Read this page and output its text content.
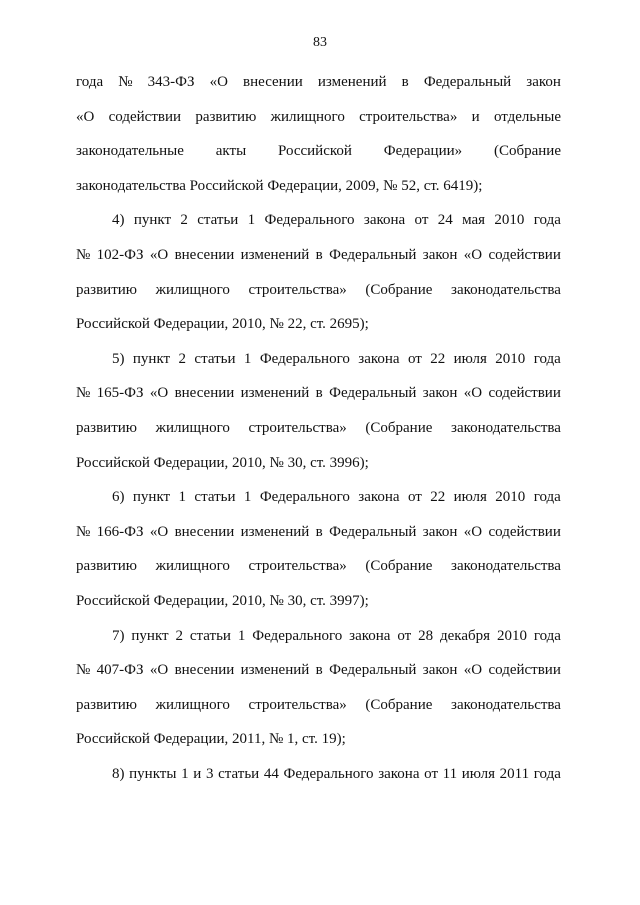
83
года № 343-ФЗ «О внесении изменений в Федеральный закон
«О содействии развитию жилищного строительства» и отдельные
законодательные акты Российской Федерации» (Собрание
законодательства Российской Федерации, 2009, № 52, ст. 6419);
4) пункт 2 статьи 1 Федерального закона от 24 мая 2010 года
№ 102-ФЗ «О внесении изменений в Федеральный закон «О содействии
развитию жилищного строительства» (Собрание законодательства
Российской Федерации, 2010, № 22, ст. 2695);
5) пункт 2 статьи 1 Федерального закона от 22 июля 2010 года
№ 165-ФЗ «О внесении изменений в Федеральный закон «О содействии
развитию жилищного строительства» (Собрание законодательства
Российской Федерации, 2010, № 30, ст. 3996);
6) пункт 1 статьи 1 Федерального закона от 22 июля 2010 года
№ 166-ФЗ «О внесении изменений в Федеральный закон «О содействии
развитию жилищного строительства» (Собрание законодательства
Российской Федерации, 2010, № 30, ст. 3997);
7) пункт 2 статьи 1 Федерального закона от 28 декабря 2010 года
№ 407-ФЗ «О внесении изменений в Федеральный закон «О содействии
развитию жилищного строительства» (Собрание законодательства
Российской Федерации, 2011, № 1, ст. 19);
8) пункты 1 и 3 статьи 44 Федерального закона от 11 июля 2011 года
